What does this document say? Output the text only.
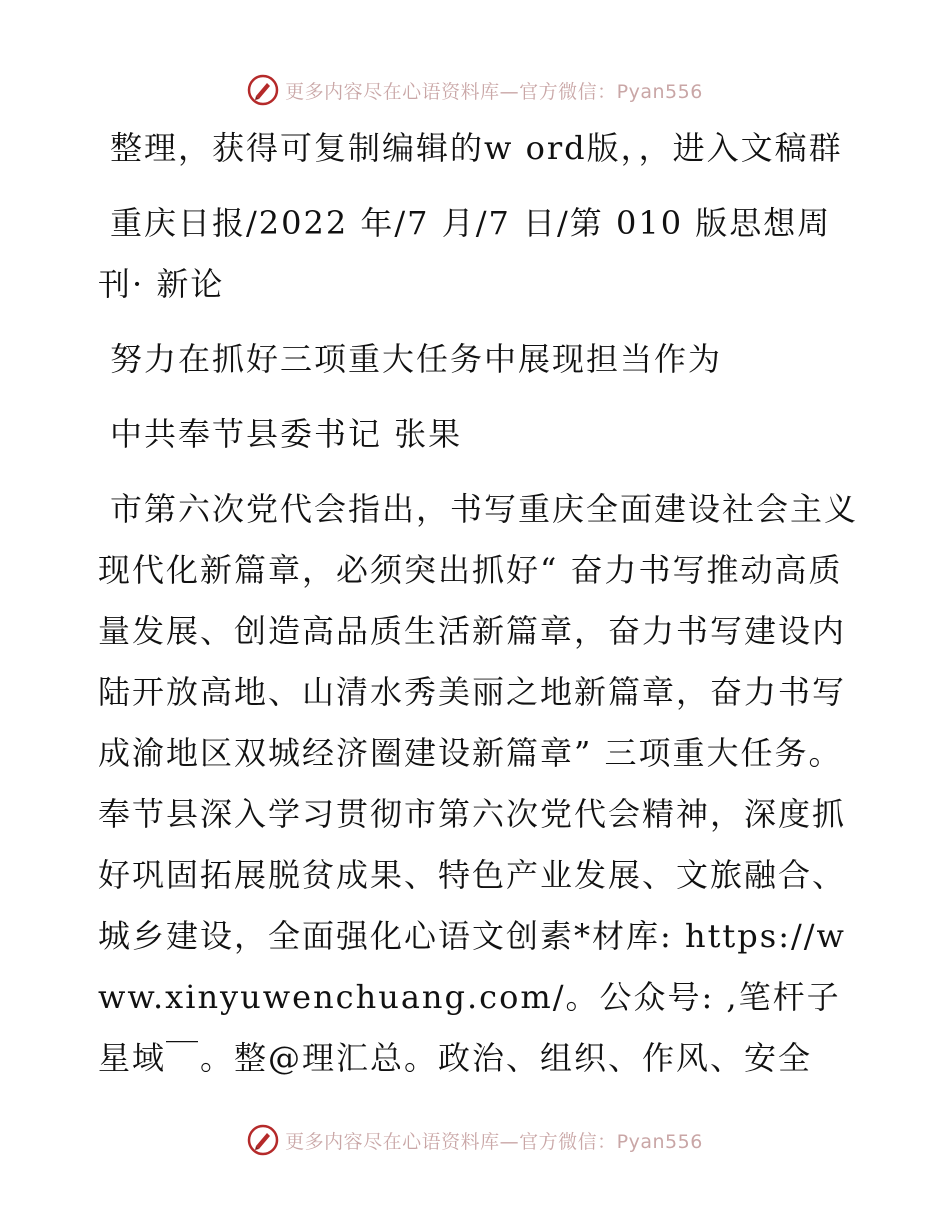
更多内容尽在心语资料库—官方微信：Pyan556

整理，获得可复制编辑的w ord版，，进入文稿群

重庆日报/2022 年/7 月/7 日/第 010 版思想周刊· 新论

努力在抓好三项重大任务中展现担当作为

中共奉节县委书记 张果

市第六次党代会指出，书写重庆全面建设社会主义现代化新篇章，必须突出抓好“ 奋力书写推动高质量发展、创造高品质生活新篇章，奋力书写建设内陆开放高地、山清水秀美丽之地新篇章，奋力书写成渝地区双城经济圈建设新篇章” 三项重大任务。奉节县深入学习贯彻市第六次党代会精神，深度抓好巩固拓展脱贫成果、特色产业发展、文旅融合、城乡建设，全面强化心语文创素*材库: https://www.xinyuwenchuang.com/。公众号: ,笔杆子星域￣。整@理汇总。政治、组织、作风、安全

更多内容尽在心语资料库—官方微信：Pyan556
